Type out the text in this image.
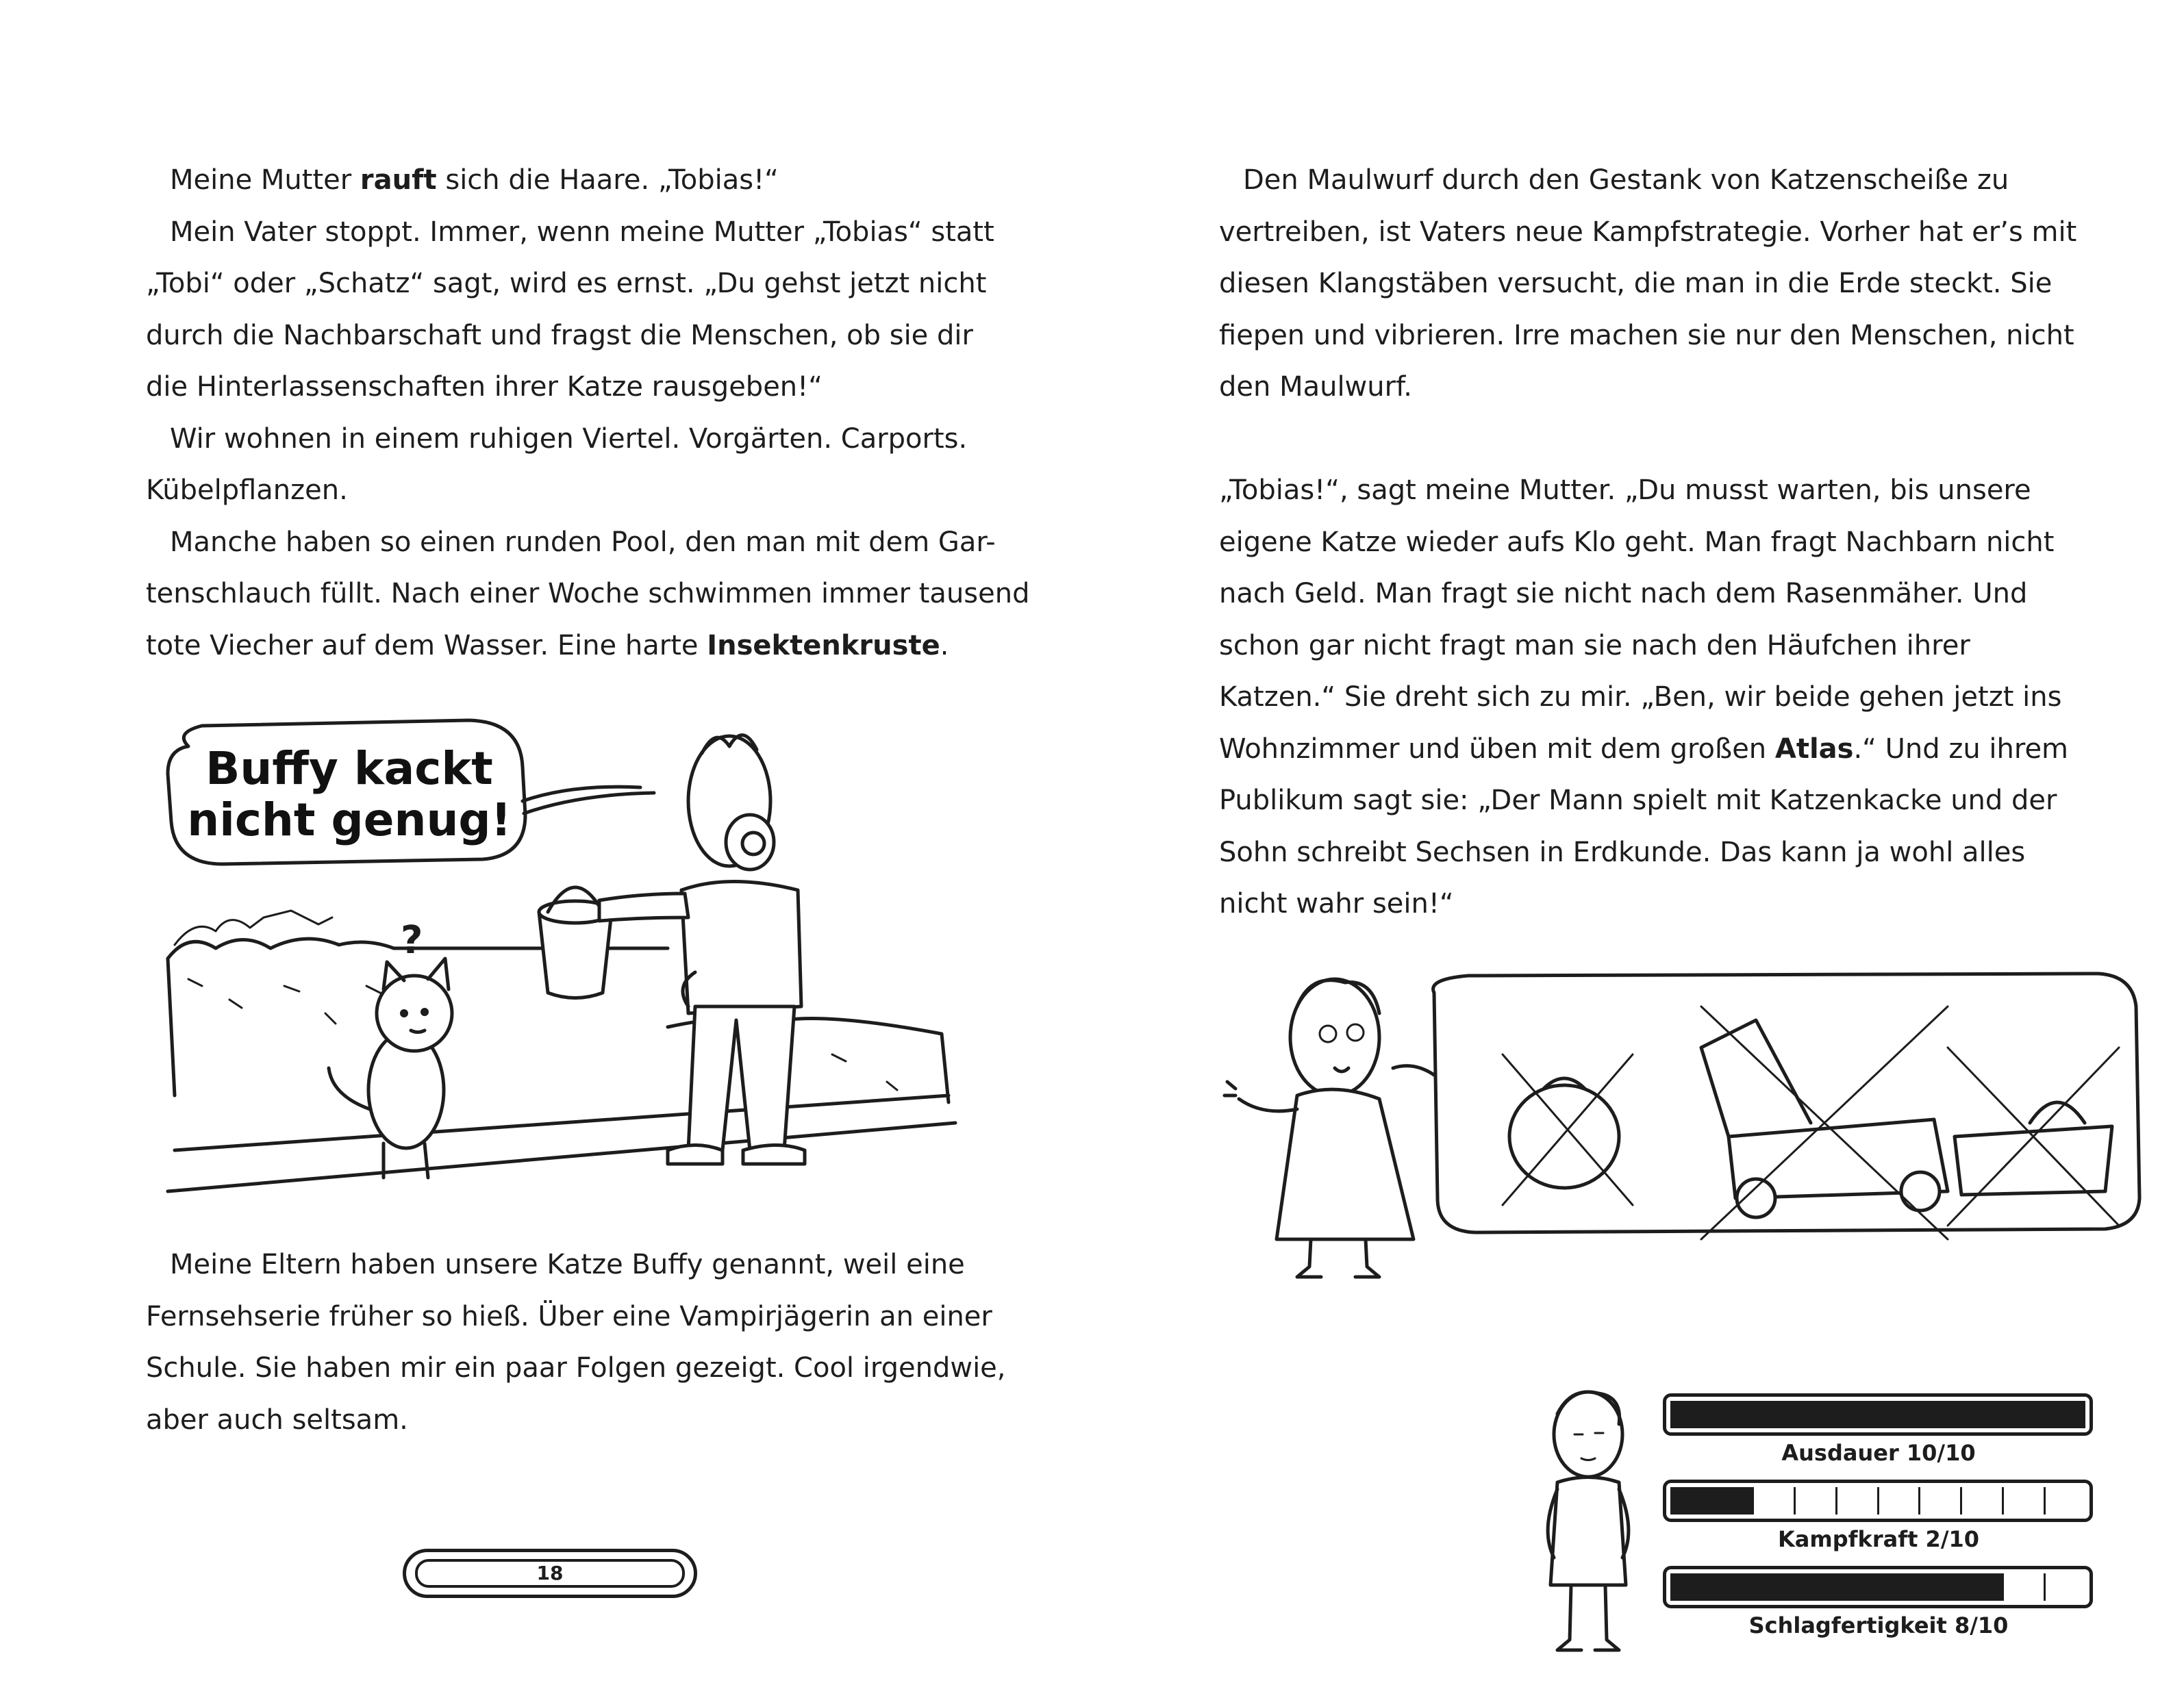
Meine Mutter rauft sich die Haare. „Tobias!“

Mein Vater stoppt. Immer, wenn meine Mutter „Tobias“ statt

„Tobi“ oder „Schatz“ sagt, wird es ernst. „Du gehst jetzt nicht

durch die Nachbarschaft und fragst die Menschen, ob sie dir

die Hinterlassenschaften ihrer Katze rausgeben!“

Wir wohnen in einem ruhigen Viertel. Vorgärten. Carports.

Kübelpflanzen.

Manche haben so einen runden Pool, den man mit dem Gar-

tenschlauch füllt. Nach einer Woche schwimmen immer tausend

tote Viecher auf dem Wasser. Eine harte Insektenkruste.

Buffy kackt
nicht genug!
?

Meine Eltern haben unsere Katze Buffy genannt, weil eine

Fernsehserie früher so hieß. Über eine Vampirjägerin an einer

Schule. Sie haben mir ein paar Folgen gezeigt. Cool irgendwie,

aber auch seltsam.

18

Den Maulwurf durch den Gestank von Katzenscheiße zu

vertreiben, ist Vaters neue Kampfstrategie. Vorher hat er’s mit

diesen Klangstäben versucht, die man in die Erde steckt. Sie

fiepen und vibrieren. Irre machen sie nur den Menschen, nicht

den Maulwurf.

„Tobias!“, sagt meine Mutter. „Du musst warten, bis unsere

eigene Katze wieder aufs Klo geht. Man fragt Nachbarn nicht

nach Geld. Man fragt sie nicht nach dem Rasenmäher. Und

schon gar nicht fragt man sie nach den Häufchen ihrer

Katzen.“ Sie dreht sich zu mir. „Ben, wir beide gehen jetzt ins

Wohnzimmer und üben mit dem großen Atlas.“ Und zu ihrem

Publikum sagt sie: „Der Mann spielt mit Katzenkacke und der

Sohn schreibt Sechsen in Erdkunde. Das kann ja wohl alles

nicht wahr sein!“

Ausdauer 10/10
Kampfkraft 2/10
Schlagfertigkeit 8/10
